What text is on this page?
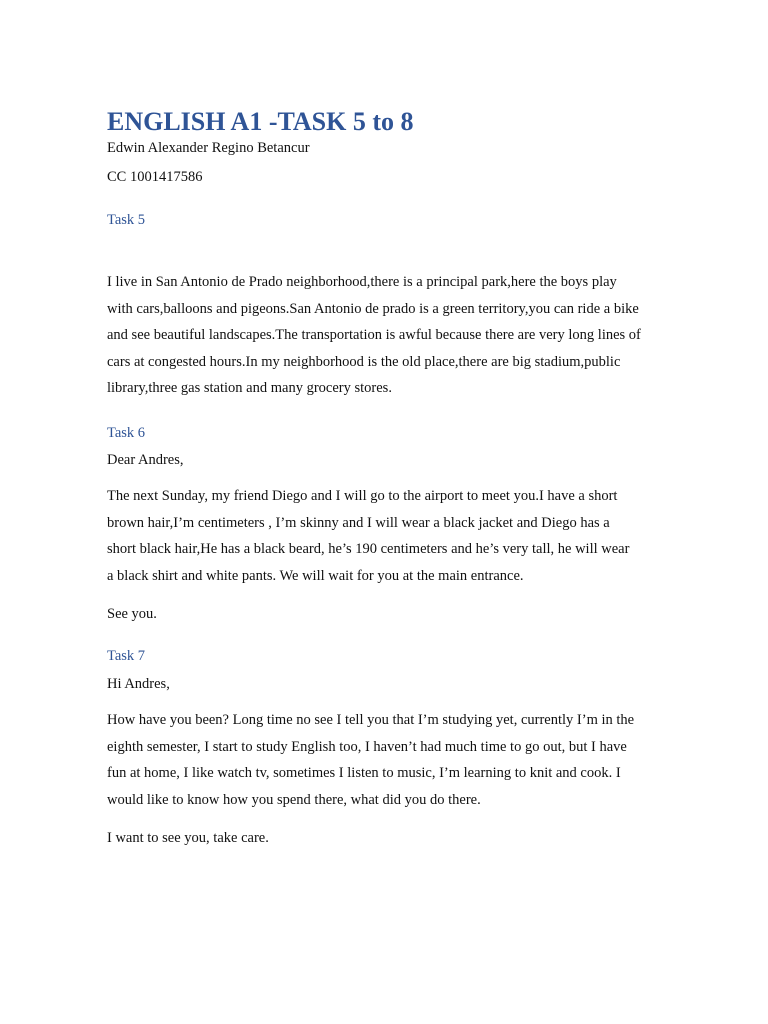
ENGLISH A1 -TASK 5 to 8

Edwin Alexander Regino Betancur

CC 1001417586

Task 5

I live in San Antonio de Prado neighborhood,there is a principal park,here the boys play
with cars,balloons and pigeons.San Antonio de prado is a green territory,you can ride a bike
and see beautiful landscapes.The transportation is awful because there are very long lines of
cars at congested hours.In my neighborhood is the old place,there are big stadium,public
library,three gas station and many grocery stores.

Task 6

Dear Andres,

The next Sunday, my friend Diego and I will go to the airport to meet you.I have a short
brown hair,I’m centimeters , I’m skinny and I will wear a black jacket and Diego has a
short black hair,He has a black beard, he’s 190 centimeters and he’s very tall, he will wear
a black shirt and white pants. We will wait for you at the main entrance.

See you.

Task 7

Hi Andres,

How have you been? Long time no see I tell you that I’m studying yet, currently I’m in the
eighth semester, I start to study English too, I haven’t had much time to go out, but I have
fun at home, I like watch tv, sometimes I listen to music, I’m learning to knit and cook. I
would like to know how you spend there, what did you do there.

I want to see you, take care.
